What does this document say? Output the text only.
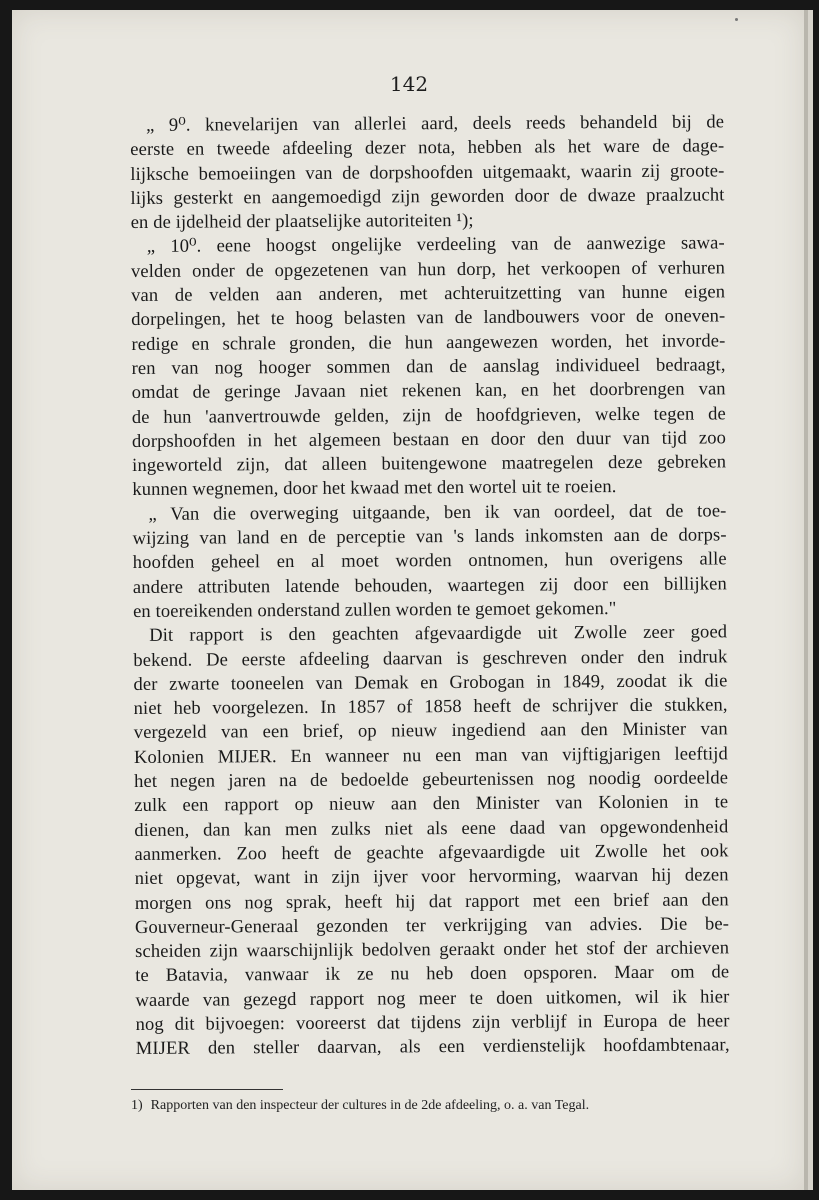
142
„ 9⁰. knevelarijen van allerlei aard, deels reeds behandeld bij de
eerste en tweede afdeeling dezer nota, hebben als het ware de dage-
lijksche bemoeiingen van de dorpshoofden uitgemaakt, waarin zij groote-
lijks gesterkt en aangemoedigd zijn geworden door de dwaze praalzucht
en de ijdelheid der plaatselijke autoriteiten ¹);
„ 10⁰. eene hoogst ongelijke verdeeling van de aanwezige sawa-
velden onder de opgezetenen van hun dorp, het verkoopen of verhuren
van de velden aan anderen, met achteruitzetting van hunne eigen
dorpelingen, het te hoog belasten van de landbouwers voor de oneven-
redige en schrale gronden, die hun aangewezen worden, het invorde-
ren van nog hooger sommen dan de aanslag individueel bedraagt,
omdat de geringe Javaan niet rekenen kan, en het doorbrengen van
de hun 'aanvertrouwde gelden, zijn de hoofdgrieven, welke tegen de
dorpshoofden in het algemeen bestaan en door den duur van tijd zoo
ingeworteld zijn, dat alleen buitengewone maatregelen deze gebreken
kunnen wegnemen, door het kwaad met den wortel uit te roeien.
„ Van die overweging uitgaande, ben ik van oordeel, dat de toe-
wijzing van land en de perceptie van 's lands inkomsten aan de dorps-
hoofden geheel en al moet worden ontnomen, hun overigens alle
andere attributen latende behouden, waartegen zij door een billijken
en toereikenden onderstand zullen worden te gemoet gekomen."
Dit rapport is den geachten afgevaardigde uit Zwolle zeer goed
bekend. De eerste afdeeling daarvan is geschreven onder den indruk
der zwarte tooneelen van Demak en Grobogan in 1849, zoodat ik die
niet heb voorgelezen. In 1857 of 1858 heeft de schrijver die stukken,
vergezeld van een brief, op nieuw ingediend aan den Minister van
Kolonien MIJER. En wanneer nu een man van vijftigjarigen leeftijd
het negen jaren na de bedoelde gebeurtenissen nog noodig oordeelde
zulk een rapport op nieuw aan den Minister van Kolonien in te
dienen, dan kan men zulks niet als eene daad van opgewondenheid
aanmerken. Zoo heeft de geachte afgevaardigde uit Zwolle het ook
niet opgevat, want in zijn ijver voor hervorming, waarvan hij dezen
morgen ons nog sprak, heeft hij dat rapport met een brief aan den
Gouverneur-Generaal gezonden ter verkrijging van advies. Die be-
scheiden zijn waarschijnlijk bedolven geraakt onder het stof der archieven
te Batavia, vanwaar ik ze nu heb doen opsporen. Maar om de
waarde van gezegd rapport nog meer te doen uitkomen, wil ik hier
nog dit bijvoegen: voorеerst dat tijdens zijn verblijf in Europa de heer
MIJER den steller daarvan, als een verdienstelijk hoofdambtenaar,
1) Rapporten van den inspecteur der cultures in de 2de afdeeling, o. a. van Tegal.
